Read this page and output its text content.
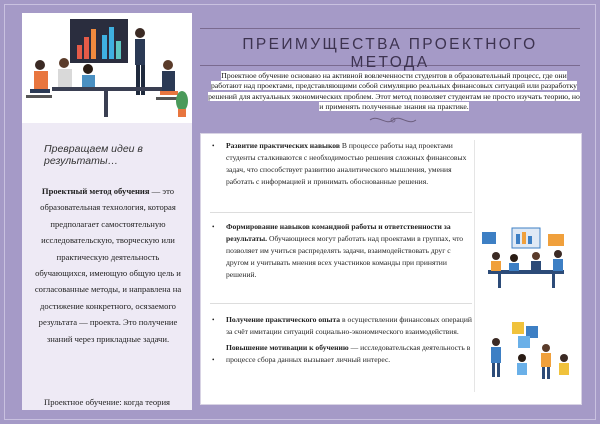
Превращаем идеи в результаты…
Проектный метод обучения — это образовательная технология, которая предполагает самостоятельную исследовательскую, творческую или практическую деятельность обучающихся, имеющую общую цель и согласованные методы, и направлена на достижение конкретного, осязаемого результата — проекта. Это получение знаний через прикладные задачи.
Проектное обучение: когда теория
ПРЕИМУЩЕСТВА ПРОЕКТНОГО МЕТОДА
Проектное обучение основано на активной вовлеченности студентов в образовательный процесс, где они работают над проектами, представляющими собой симуляцию реальных финансовых ситуаций или разработку решений для актуальных экономических проблем. Этот метод позволяет студентам не просто изучать теорию, но и применять полученные знания на практике.
•	Развитие практических навыков В процессе работы над проектами студенты сталкиваются с необходимостью решения сложных финансовых задач, что способствует развитию аналитического мышления, умения работать с информацией и принимать обоснованные решения.
•	Формирование навыков командной работы и ответственности за результаты. Обучающиеся могут работать над проектами в группах, что позволяет им учиться распределять задачи, взаимодействовать друг с другом и учитывать мнения всех участников команды при принятии решений.
•	Получение практического опыта в осуществлении финансовых операций за счёт имитации ситуаций социально-экономического взаимодействия.
•
Повышение мотивации к обучению — исследовательская деятельность в процессе сбора данных вызывает личный интерес.
